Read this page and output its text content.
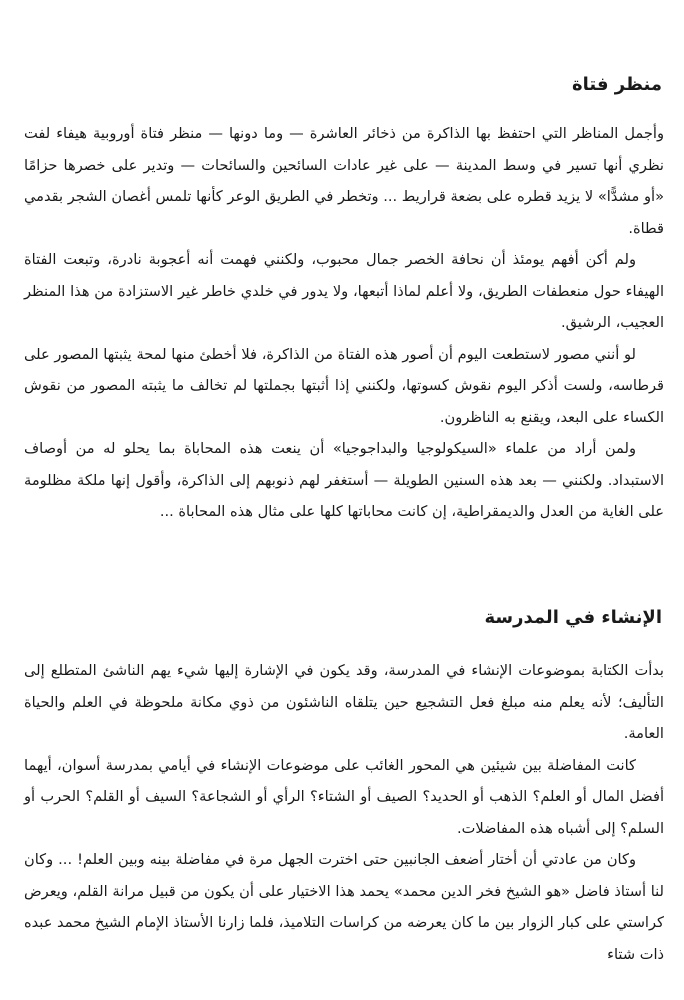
منظر فتاة

وأجمل المناظر التي احتفظ بها الذاكرة من ذخائر العاشرة — وما دونها — منظر فتاة أوروبية هيفاء لفت نظري أنها تسير في وسط المدينة — على غير عادات السائحين والسائحات — وتدير على خصرها حزامًا «أو مشدًّا» لا يزيد قطره على بضعة قراريط ... وتخطر في الطريق الوعر كأنها تلمس أغصان الشجر بقدمي قطاة.

ولم أكن أفهم يومئذ أن نحافة الخصر جمال محبوب، ولكنني فهمت أنه أعجوبة نادرة، وتبعت الفتاة الهيفاء حول منعطفات الطريق، ولا أعلم لماذا أتبعها، ولا يدور في خلدي خاطر غير الاستزادة من هذا المنظر العجيب، الرشيق.

لو أنني مصور لاستطعت اليوم أن أصور هذه الفتاة من الذاكرة، فلا أخطئ منها لمحة يثبتها المصور على قرطاسه، ولست أذكر اليوم نقوش كسوتها، ولكنني إذا أثبتها بجملتها لم تخالف ما يثبته المصور من نقوش الكساء على البعد، ويقنع به الناظرون.

ولمن أراد من علماء «السيكولوجيا والبداجوجيا» أن ينعت هذه المحاباة بما يحلو له من أوصاف الاستبداد. ولكنني — بعد هذه السنين الطويلة — أستغفر لهم ذنوبهم إلى الذاكرة، وأقول إنها ملكة مظلومة على الغاية من العدل والديمقراطية، إن كانت محاباتها كلها على مثال هذه المحاباة ...

الإنشاء في المدرسة

بدأت الكتابة بموضوعات الإنشاء في المدرسة، وقد يكون في الإشارة إليها شيء يهم الناشئ المتطلع إلى التأليف؛ لأنه يعلم منه مبلغ فعل التشجيع حين يتلقاه الناشئون من ذوي مكانة ملحوظة في العلم والحياة العامة.

كانت المفاضلة بين شيئين هي المحور الغائب على موضوعات الإنشاء في أيامي بمدرسة أسوان، أيهما أفضل المال أو العلم؟ الذهب أو الحديد؟ الصيف أو الشتاء؟ الرأي أو الشجاعة؟ السيف أو القلم؟ الحرب أو السلم؟ إلى أشباه هذه المفاضلات.

وكان من عادتي أن أختار أضعف الجانبين حتى اخترت الجهل مرة في مفاضلة بينه وبين العلم! ... وكان لنا أستاذ فاضل «هو الشيخ فخر الدين محمد» يحمد هذا الاختيار على أن يكون من قبيل مرانة القلم، ويعرض كراستي على كبار الزوار بين ما كان يعرضه من كراسات التلاميذ، فلما زارنا الأستاذ الإمام الشيخ محمد عبده ذات شتاء
